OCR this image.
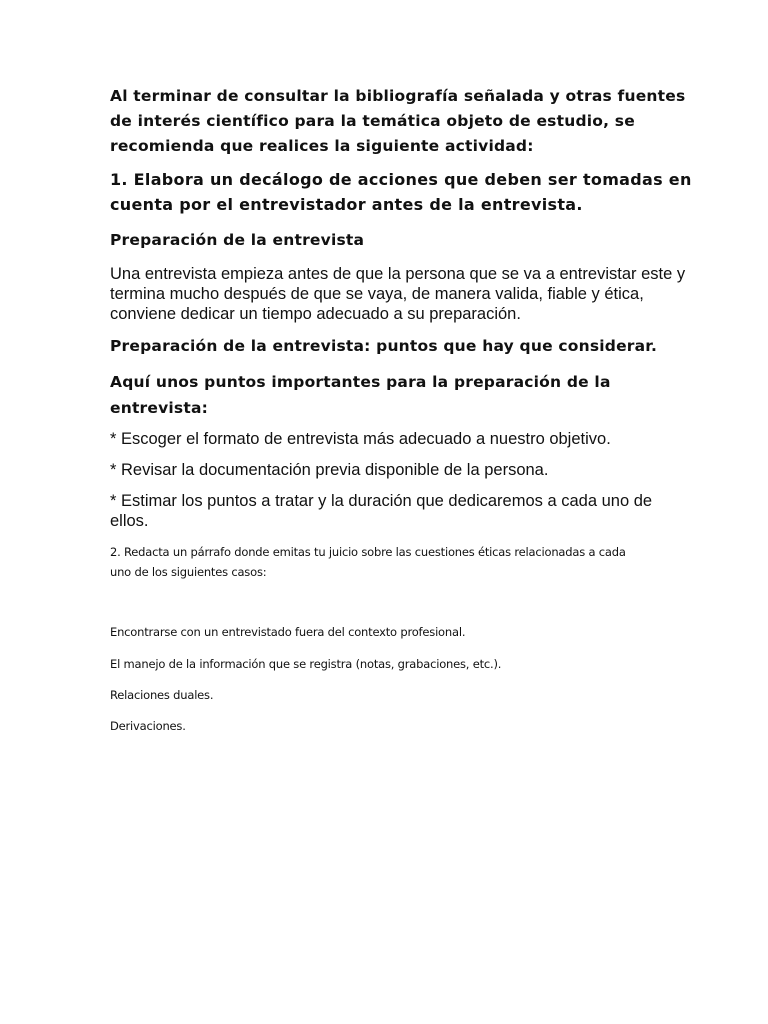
Al terminar de consultar la bibliografía señalada y otras fuentes
de interés científico para la temática objeto de estudio, se
recomienda que realices la siguiente actividad:

1. Elabora un decálogo de acciones que deben ser tomadas en
cuenta por el entrevistador antes de la entrevista.

Preparación de la entrevista

Una entrevista empieza antes de que la persona que se va a entrevistar este y
termina mucho después de que se vaya, de manera valida, fiable y ética,
conviene dedicar un tiempo adecuado a su preparación.

Preparación de la entrevista: puntos que hay que considerar.
Aquí unos puntos importantes para la preparación de la
entrevista:

* Escoger el formato de entrevista más adecuado a nuestro objetivo.

* Revisar la documentación previa disponible de la persona.

* Estimar los puntos a tratar y la duración que dedicaremos a cada uno de
ellos.

2. Redacta un párrafo donde emitas tu juicio sobre las cuestiones éticas relacionadas a cada
uno de los siguientes casos:

Encontrarse con un entrevistado fuera del contexto profesional.

El manejo de la información que se registra (notas, grabaciones, etc.).

Relaciones duales.

Derivaciones.
